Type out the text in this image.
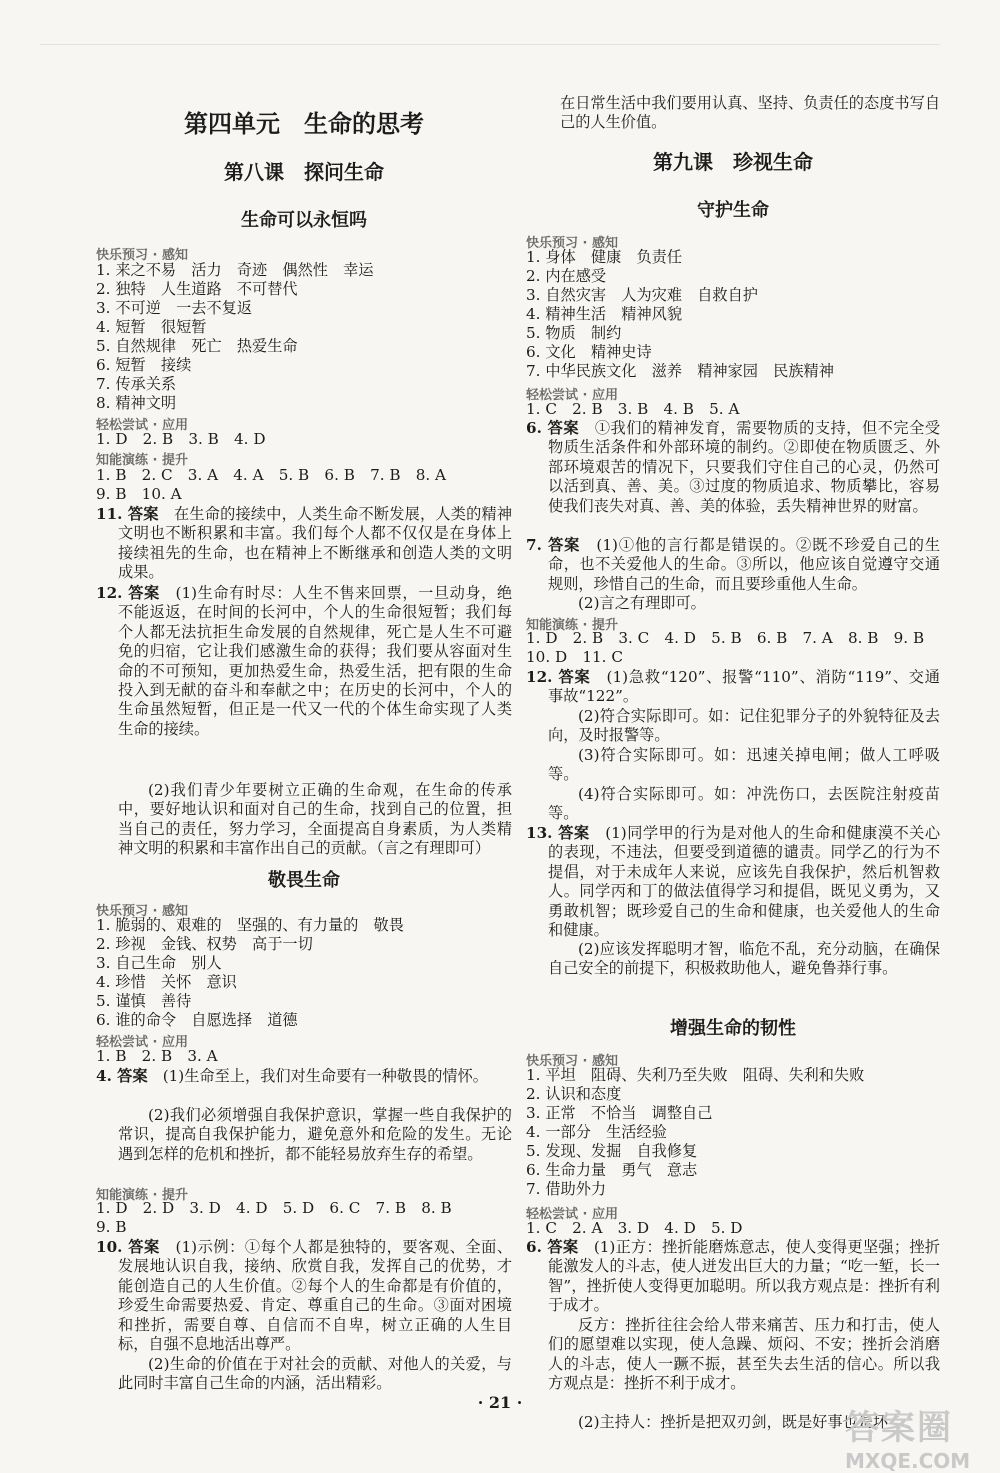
第四单元　生命的思考
第八课　探问生命
生命可以永恒吗
快乐预习 · 感知
1. 来之不易　活力　奇迹　偶然性　幸运
2. 独特　人生道路　不可替代
3. 不可逆　一去不复返
4. 短暂　很短暂
5. 自然规律　死亡　热爱生命
6. 短暂　接续
7. 传承关系
8. 精神文明
轻松尝试 · 应用
1. D　2. B　3. B　4. D
知能演练 · 提升
1. B　2. C　3. A　4. A　5. B　6. B　7. B　8. A
9. B　10. A
11. 答案　 在生命的接续中，人类生命不断发展，人类的精神文明也不断积累和丰富。我们每个人都不仅仅是在身体上接续祖先的生命，也在精神上不断继承和创造人类的文明成果。
12. 答案　 (1)生命有时尽：人生不售来回票，一旦动身，绝不能返返，在时间的长河中，个人的生命很短暂；我们每个人都无法抗拒生命发展的自然规律，死亡是人生不可避免的归宿，它让我们感激生命的获得；我们要从容面对生命的不可预知，更加热爱生命，热爱生活，把有限的生命投入到无献的奋斗和奉献之中；在历史的长河中，个人的生命虽然短暂，但正是一代又一代的个体生命实现了人类生命的接续。
(2)我们青少年要树立正确的生命观，在生命的传承中，要好地认识和面对自己的生命，找到自己的位置，担当自己的责任，努力学习，全面提高自身素质，为人类精神文明的积累和丰富作出自己的贡献。（言之有理即可）
敬畏生命
快乐预习 · 感知
1. 脆弱的、艰难的　坚强的、有力量的　敬畏
2. 珍视　金钱、权势　高于一切
3. 自己生命　别人
4. 珍惜　关怀　意识
5. 谨慎　善待
6. 谁的命令　自愿选择　道德
轻松尝试 · 应用
1. B　2. B　3. A
4. 答案　 (1)生命至上，我们对生命要有一种敬畏的情怀。
(2)我们必须增强自我保护意识，掌握一些自我保护的常识，提高自我保护能力，避免意外和危险的发生。无论遇到怎样的危机和挫折，都不能轻易放弃生存的希望。
知能演练 · 提升
1. D　2. D　3. D　4. D　5. D　6. C　7. B　8. B
9. B
10. 答案　 (1)示例：①每个人都是独特的，要客观、全面、发展地认识自我，接纳、欣赏自我，发挥自己的优势，才能创造自己的人生价值。②每个人的生命都是有价值的，珍爱生命需要热爱、肯定、尊重自己的生命。③面对困境和挫折，需要自尊、自信而不自卑，树立正确的人生目标，自强不息地活出尊严。
(2)生命的价值在于对社会的贡献、对他人的关爱，与此同时丰富自己生命的内涵，活出精彩。
在日常生活中我们要用认真、坚持、负责任的态度书写自己的人生价值。
第九课　珍视生命
守护生命
快乐预习 · 感知
1. 身体　健康　负责任
2. 内在感受
3. 自然灾害　人为灾难　自救自护
4. 精神生活　精神风貌
5. 物质　制约
6. 文化　精神史诗
7. 中华民族文化　滋养　精神家园　民族精神
轻松尝试 · 应用
1. C　2. B　3. B　4. B　5. A
6. 答案　 ①我们的精神发育，需要物质的支持，但不完全受物质生活条件和外部环境的制约。②即使在物质匮乏、外部环境艰苦的情况下，只要我们守住自己的心灵，仍然可以活到真、善、美。③过度的物质追求、物质攀比，容易使我们丧失对真、善、美的体验，丢失精神世界的财富。
7. 答案　 (1)①他的言行都是错误的。②既不珍爱自己的生命，也不关爱他人的生命。③所以，他应该自觉遵守交通规则，珍惜自己的生命，而且要珍重他人生命。
(2)言之有理即可。
知能演练 · 提升
1. D　2. B　3. C　4. D　5. B　6. B　7. A　8. B　9. B
10. D　11. C
12. 答案　 (1)急救“120”、报警“110”、消防“119”、交通事故“122”。
(2)符合实际即可。如：记住犯罪分子的外貌特征及去向，及时报警等。
(3)符合实际即可。如：迅速关掉电闸；做人工呼吸等。
(4)符合实际即可。如：冲洗伤口，去医院注射疫苗等。
13. 答案　 (1)同学甲的行为是对他人的生命和健康漠不关心的表现，不违法，但要受到道德的谴责。同学乙的行为不提倡，对于未成年人来说，应该先自我保护，然后机智救人。同学丙和丁的做法值得学习和提倡，既见义勇为，又勇敢机智；既珍爱自己的生命和健康，也关爱他人的生命和健康。
(2)应该发挥聪明才智，临危不乱，充分动脑，在确保自己安全的前提下，积极救助他人，避免鲁莽行事。
增强生命的韧性
快乐预习 · 感知
1. 平坦　阻碍、失利乃至失败　阻碍、失利和失败
2. 认识和态度
3. 正常　不恰当　调整自己
4. 一部分　生活经验
5. 发现、发掘　自我修复
6. 生命力量　勇气　意志
7. 借助外力
轻松尝试 · 应用
1. C　2. A　3. D　4. D　5. D
6. 答案　 (1)正方：挫折能磨炼意志，使人变得更坚强；挫折能激发人的斗志，使人迸发出巨大的力量；“吃一堑，长一智”，挫折使人变得更加聪明。所以我方观点是：挫折有利于成才。
反方：挫折往往会给人带来痛苦、压力和打击，使人们的愿望难以实现，使人急躁、烦闷、不安；挫折会消磨人的斗志，使人一蹶不振，甚至失去生活的信心。所以我方观点是：挫折不利于成才。
(2)主持人：挫折是把双刃剑，既是好事也是坏
· 21 ·
答案圈
MXQE.COM
